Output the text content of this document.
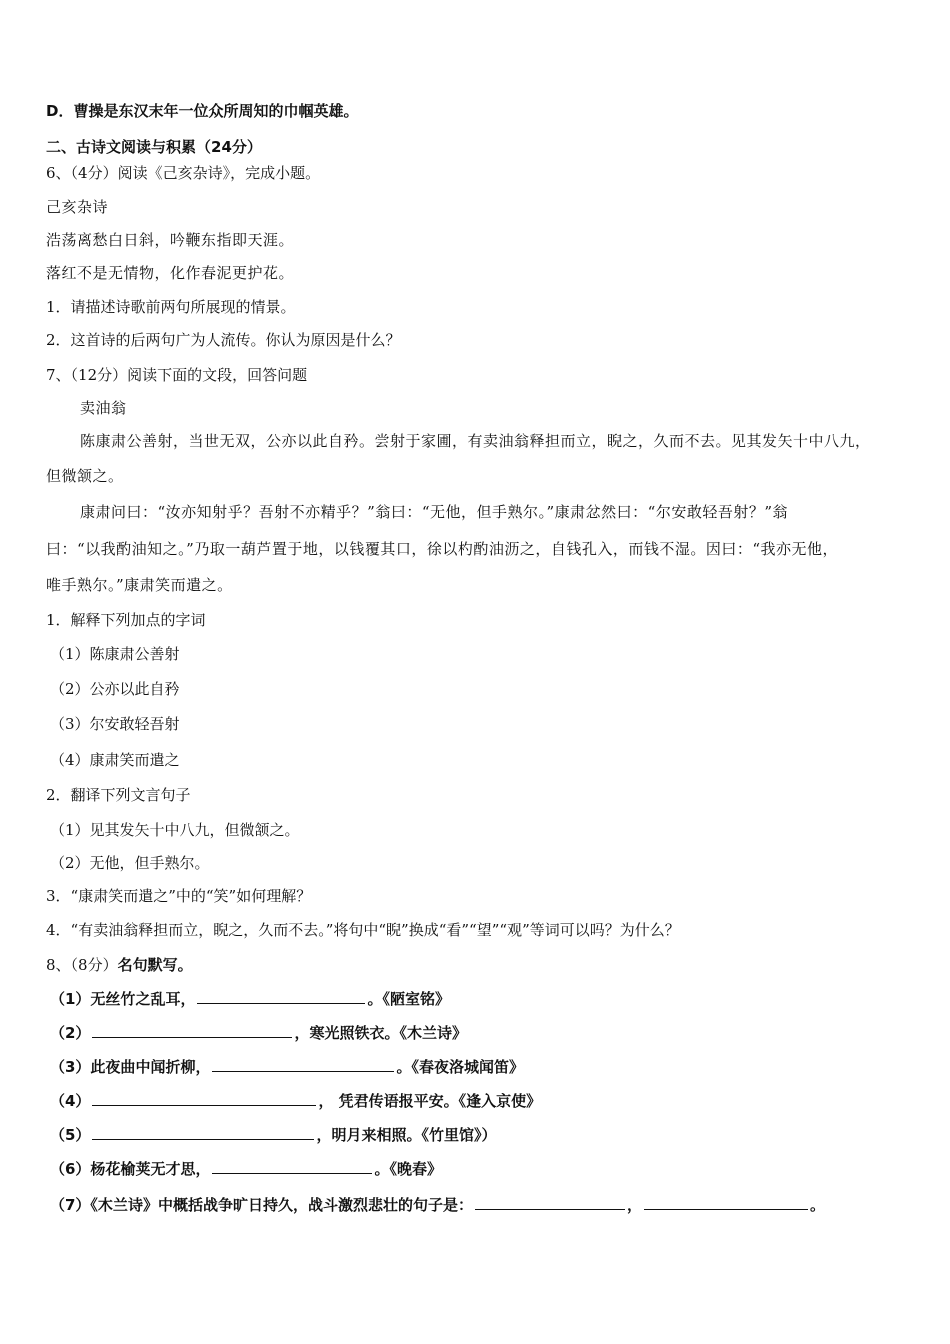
D．曹操是东汉末年一位众所周知的巾帼英雄。
二、古诗文阅读与积累（24分）
6、（4分）阅读《己亥杂诗》，完成小题。
己亥杂诗
浩荡离愁白日斜，吟鞭东指即天涯。
落红不是无情物，化作春泥更护花。
1．请描述诗歌前两句所展现的情景。
2．这首诗的后两句广为人流传。你认为原因是什么？
7、（12分）阅读下面的文段，回答问题
卖油翁
陈康肃公善射，当世无双，公亦以此自矜。尝射于家圃，有卖油翁释担而立，睨之，久而不去。见其发矢十中八九，
但微颔之。
康肃问曰：“汝亦知射乎？吾射不亦精乎？”翁曰：“无他，但手熟尔。”康肃忿然曰：“尔安敢轻吾射？”翁
曰：“以我酌油知之。”乃取一葫芦置于地，以钱覆其口，徐以杓酌油沥之，自钱孔入，而钱不湿。因曰：“我亦无他，
唯手熟尔。”康肃笑而遣之。
1．解释下列加点的字词
（1）陈康肃公善射
（2）公亦以此自矜
（3）尔安敢轻吾射
（4）康肃笑而遣之
2．翻译下列文言句子
（1）见其发矢十中八九，但微颔之。
（2）无他，但手熟尔。
3．“康肃笑而遣之”中的“笑”如何理解？
4．“有卖油翁释担而立，睨之，久而不去。”将句中“睨”换成“看”“望”“观”等词可以吗？为什么？
8、（8分）名句默写。
（1）无丝竹之乱耳，	。《陋室铭》
（2）	，寒光照铁衣。《木兰诗》
（3）此夜曲中闻折柳，	。《春夜洛城闻笛》
（4）	， 凭君传语报平安。《逢入京使》
（5）	，明月来相照。《竹里馆》）
（6）杨花榆荚无才思，	。《晚春》
（7）《木兰诗》中概括战争旷日持久，战斗激烈悲壮的句子是：	，	。
